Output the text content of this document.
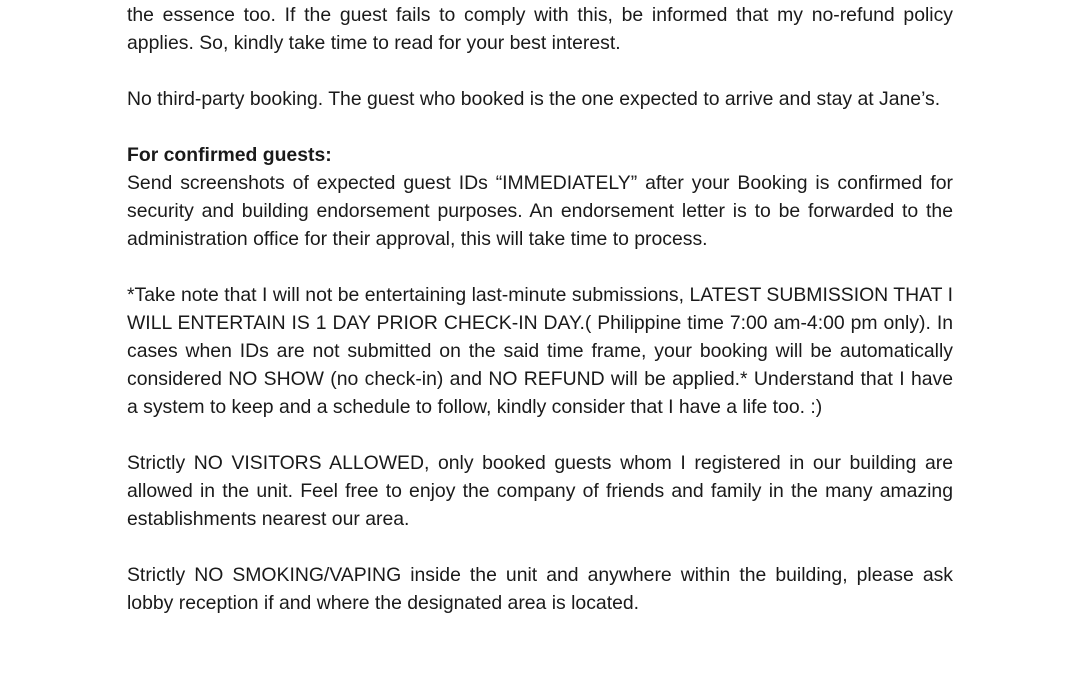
the essence too. If the guest fails to comply with this, be informed that my no-refund policy applies. So, kindly take time to read for your best interest.

No third-party booking. The guest who booked is the one expected to arrive and stay at Jane’s.

For confirmed guests:

Send screenshots of expected guest IDs “IMMEDIATELY” after your Booking is confirmed for security and building endorsement purposes. An endorsement letter is to be forwarded to the administration office for their approval, this will take time to process.

*Take note that I will not be entertaining last-minute submissions, LATEST SUBMISSION THAT I WILL ENTERTAIN IS 1 DAY PRIOR CHECK-IN DAY.( Philippine time 7:00 am-4:00 pm only). In cases when IDs are not submitted on the said time frame, your booking will be automatically considered NO SHOW (no check-in) and NO REFUND will be applied.* Understand that I have a system to keep and a schedule to follow, kindly consider that I have a life too. :)

Strictly NO VISITORS ALLOWED, only booked guests whom I registered in our building are allowed in the unit. Feel free to enjoy the company of friends and family in the many amazing establishments nearest our area.

Strictly NO SMOKING/VAPING inside the unit and anywhere within the building, please ask lobby reception if and where the designated area is located.
